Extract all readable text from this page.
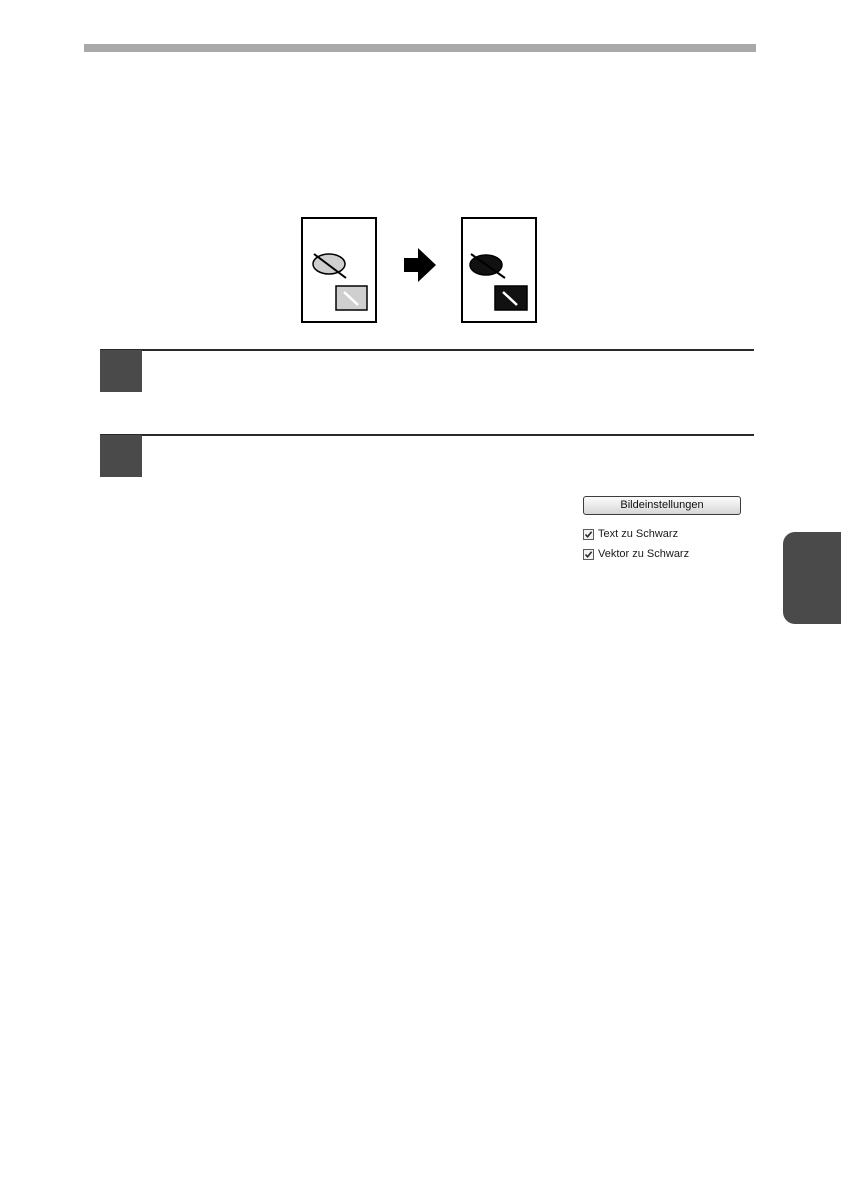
Bildeinstellungen
Text zu Schwarz
Vektor zu Schwarz
